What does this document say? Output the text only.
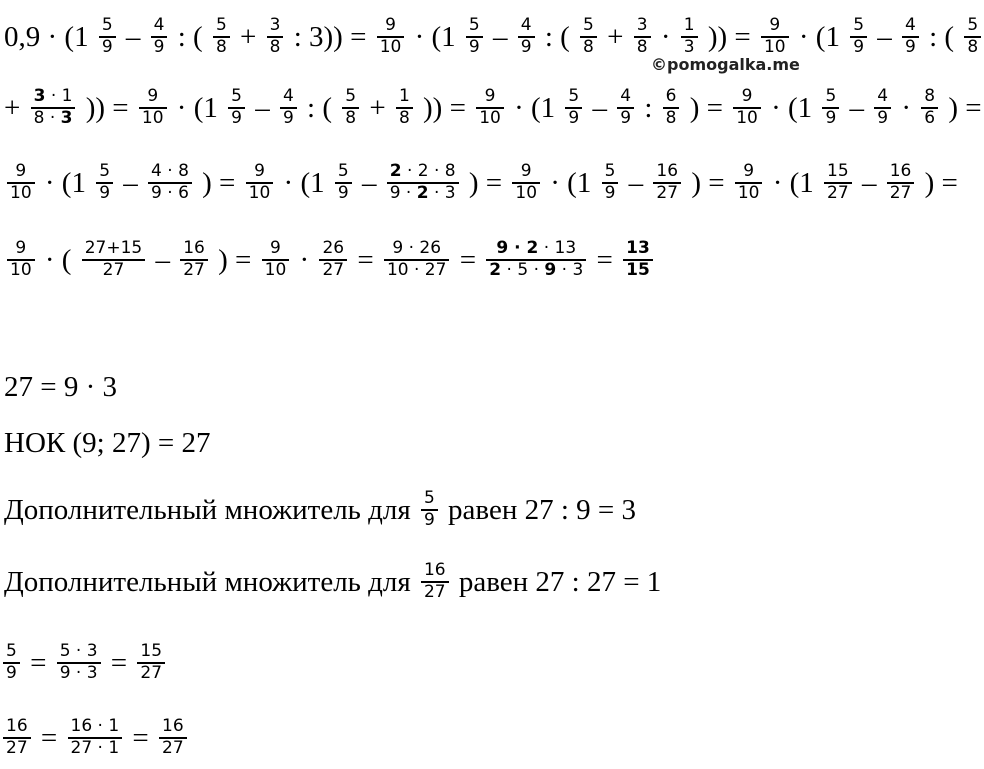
©pomogalka.me
0,9 · (1 5
9 – 4
9 : ( 5
8 + 3
8 : 3)) = 9
10 · (1 5
9 – 4
9 : ( 5
8 + 3
8 · 1
3 )) = 9
10 · (1 5
9 – 4
9 : ( 5
8
+ 3 · 1
8 · 3 )) = 9
10 · (1 5
9 – 4
9 : ( 5
8 + 1
8 )) = 9
10 · (1 5
9 – 4
9 : 6
8 ) = 9
10 · (1 5
9 – 4
9 · 8
6 ) =
9
10 · (1 5
9 – 4 · 8
9 · 6 ) = 9
10 · (1 5
9 – 2 · 2 · 8
9 · 2 · 3 ) = 9
10 · (1 5
9 – 16
27 ) = 9
10 · (1 15
27 – 16
27 ) =
9
10 · ( 27+15
27 – 16
27 ) = 9
10 · 26
27 = 9 · 26
10 · 27 = 9 · 2 · 13
2 · 5 · 9 · 3 = 13
15
27 = 9 · 3
НОК (9; 27) = 27
Дополнительный множитель для 5
9 равен 27 : 9 = 3
Дополнительный множитель для 16
27 равен 27 : 27 = 1
5
9 = 5 · 3
9 · 3 = 15
27
16
27 = 16 · 1
27 · 1 = 16
27
